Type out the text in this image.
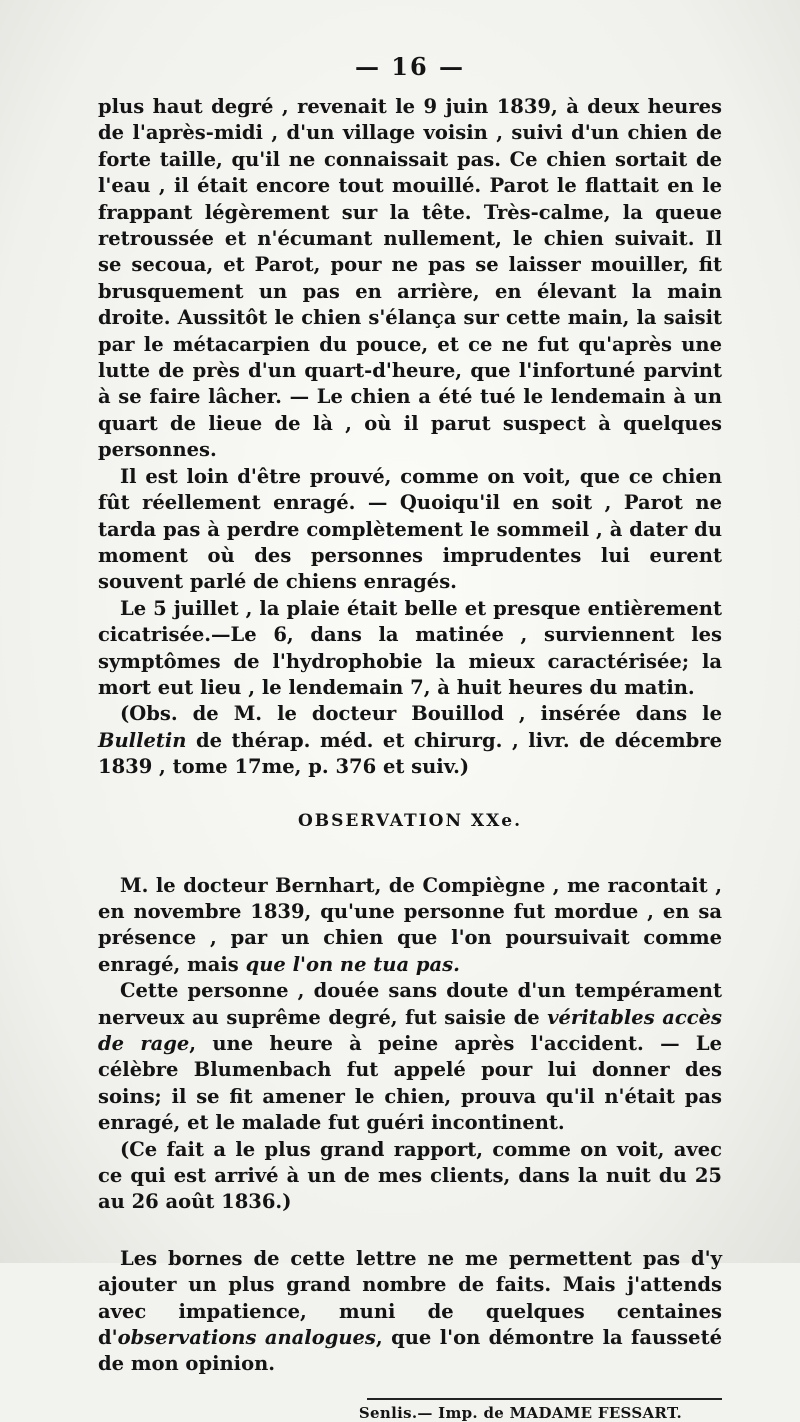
— 16 —

plus haut degré , revenait le 9 juin 1839, à deux heures de l'après-midi , d'un village voisin , suivi d'un chien de forte taille, qu'il ne connaissait pas. Ce chien sortait de l'eau , il était encore tout mouillé. Parot le flattait en le frappant légèrement sur la tête. Très-calme, la queue retroussée et n'écumant nullement, le chien suivait. Il se secoua, et Parot, pour ne pas se laisser mouiller, fit brusquement un pas en arrière, en élevant la main droite. Aussitôt le chien s'élança sur cette main, la saisit par le métacarpien du pouce, et ce ne fut qu'après une lutte de près d'un quart-d'heure, que l'infortuné parvint à se faire lâcher. — Le chien a été tué le lendemain à un quart de lieue de là , où il parut suspect à quelques personnes.

Il est loin d'être prouvé, comme on voit, que ce chien fût réellement enragé. — Quoiqu'il en soit , Parot ne tarda pas à perdre complètement le sommeil , à dater du moment où des personnes imprudentes lui eurent souvent parlé de chiens enragés.

Le 5 juillet , la plaie était belle et presque entièrement cicatrisée.—Le 6, dans la matinée , surviennent les symptômes de l'hydrophobie la mieux caractérisée; la mort eut lieu , le lendemain 7, à huit heures du matin.

(Obs. de M. le docteur Bouillod , insérée dans le Bulletin de thérap. méd. et chirurg. , livr. de décembre 1839 , tome 17me, p. 376 et suiv.)

OBSERVATION XXe.

M. le docteur Bernhart, de Compiègne , me racontait , en novembre 1839, qu'une personne fut mordue , en sa présence , par un chien que l'on poursuivait comme enragé, mais que l'on ne tua pas.

Cette personne , douée sans doute d'un tempérament nerveux au suprême degré, fut saisie de véritables accès de rage, une heure à peine après l'accident. — Le célèbre Blumenbach fut appelé pour lui donner des soins; il se fit amener le chien, prouva qu'il n'était pas enragé, et le malade fut guéri incontinent.

(Ce fait a le plus grand rapport, comme on voit, avec ce qui est arrivé à un de mes clients, dans la nuit du 25 au 26 août 1836.)

Les bornes de cette lettre ne me permettent pas d'y ajouter un plus grand nombre de faits. Mais j'attends avec impatience, muni de quelques centaines d'observations analogues, que l'on démontre la fausseté de mon opinion.

Senlis.— Imp. de MADAME FESSART.
